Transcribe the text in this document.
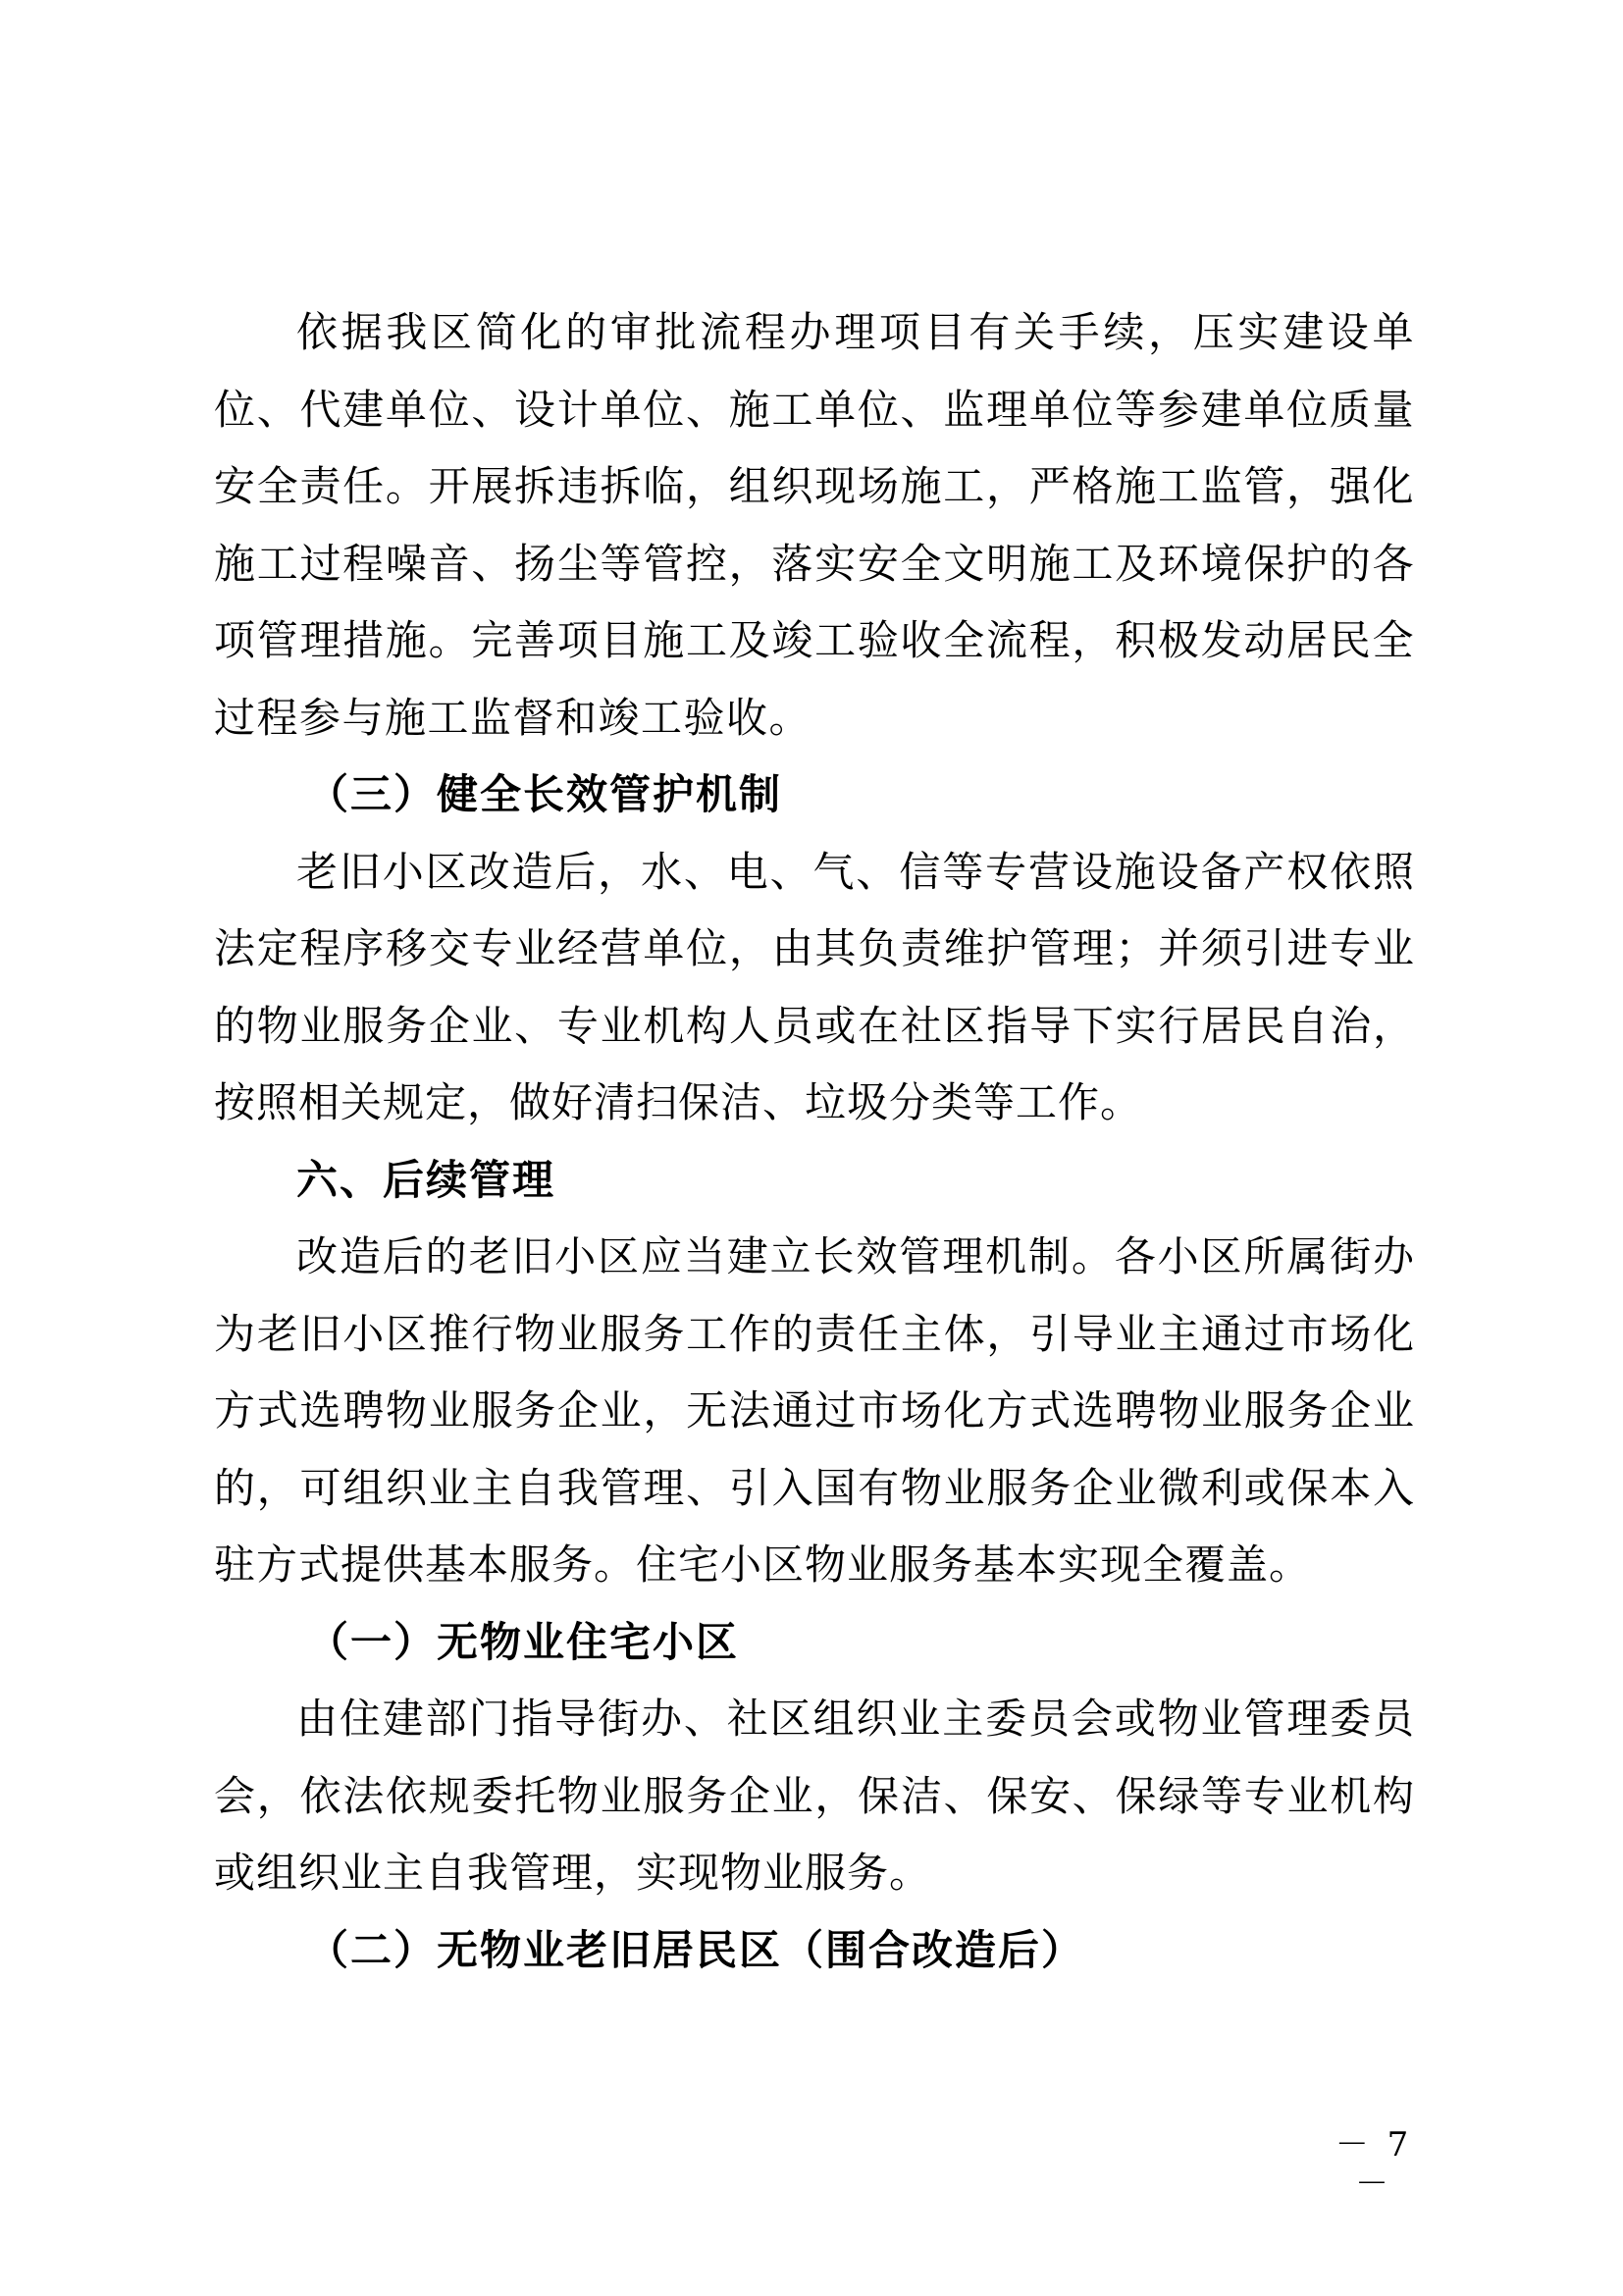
依据我区简化的审批流程办理项目有关手续，压实建设单位、代建单位、设计单位、施工单位、监理单位等参建单位质量安全责任。开展拆违拆临，组织现场施工，严格施工监管，强化施工过程噪音、扬尘等管控，落实安全文明施工及环境保护的各项管理措施。完善项目施工及竣工验收全流程，积极发动居民全过程参与施工监督和竣工验收。

（三）健全长效管护机制

老旧小区改造后，水、电、气、信等专营设施设备产权依照法定程序移交专业经营单位，由其负责维护管理；并须引进专业的物业服务企业、专业机构人员或在社区指导下实行居民自治，按照相关规定，做好清扫保洁、垃圾分类等工作。

六、后续管理

改造后的老旧小区应当建立长效管理机制。各小区所属街办为老旧小区推行物业服务工作的责任主体，引导业主通过市场化方式选聘物业服务企业，无法通过市场化方式选聘物业服务企业的，可组织业主自我管理、引入国有物业服务企业微利或保本入驻方式提供基本服务。住宅小区物业服务基本实现全覆盖。

（一）无物业住宅小区

由住建部门指导街办、社区组织业主委员会或物业管理委员会，依法依规委托物业服务企业，保洁、保安、保绿等专业机构或组织业主自我管理，实现物业服务。

（二）无物业老旧居民区（围合改造后）

－ 7 －
